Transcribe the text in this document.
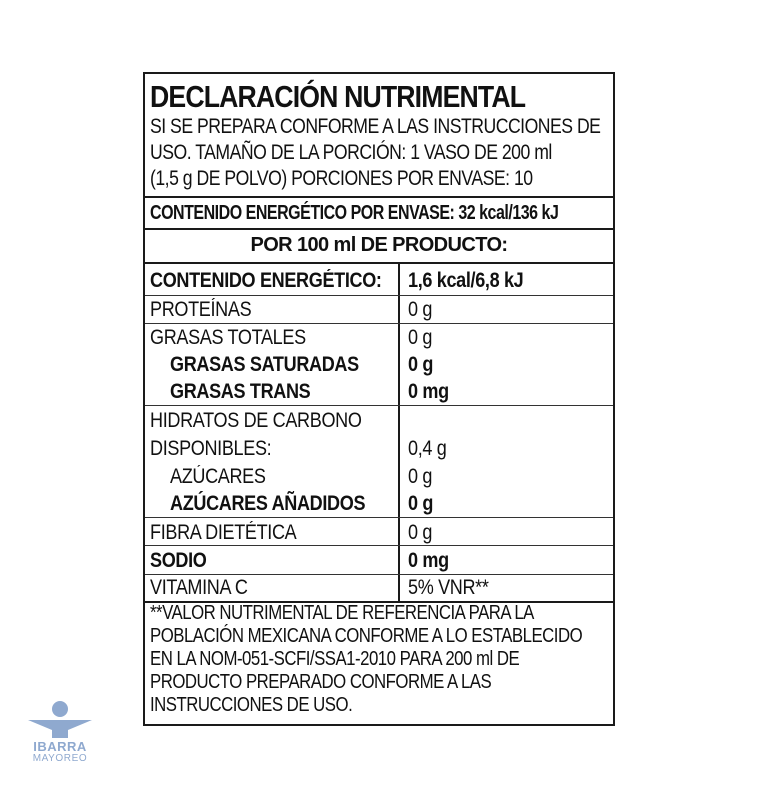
DECLARACIÓN NUTRIMENTAL
SI SE PREPARA CONFORME A LAS INSTRUCCIONES DE
USO. TAMAÑO DE LA PORCIÓN: 1 VASO DE 200 ml
(1,5 g DE POLVO) PORCIONES POR ENVASE: 10
CONTENIDO ENERGÉTICO POR ENVASE: 32 kcal/136 kJ
POR 100 ml DE PRODUCTO:
CONTENIDO ENERGÉTICO: 1,6 kcal/6,8 kJ
PROTEÍNAS	0 g
GRASAS TOTALES	0 g
GRASAS SATURADAS 0 g
GRASAS TRANS	0 mg
HIDRATOS DE CARBONO
DISPONIBLES:	0,4 g
AZÚCARES	0 g
AZÚCARES AÑADIDOS 0 g
FIBRA DIETÉTICA	0 g
SODIO	0 mg
VITAMINA C	5% VNR**
**VALOR NUTRIMENTAL DE REFERENCIA PARA LA
POBLACIÓN MEXICANA CONFORME A LO ESTABLECIDO
EN LA NOM-051-SCFI/SSA1-2010 PARA 200 ml DE
PRODUCTO PREPARADO CONFORME A LAS
INSTRUCCIONES DE USO.
IBARRA
MAYOREO
